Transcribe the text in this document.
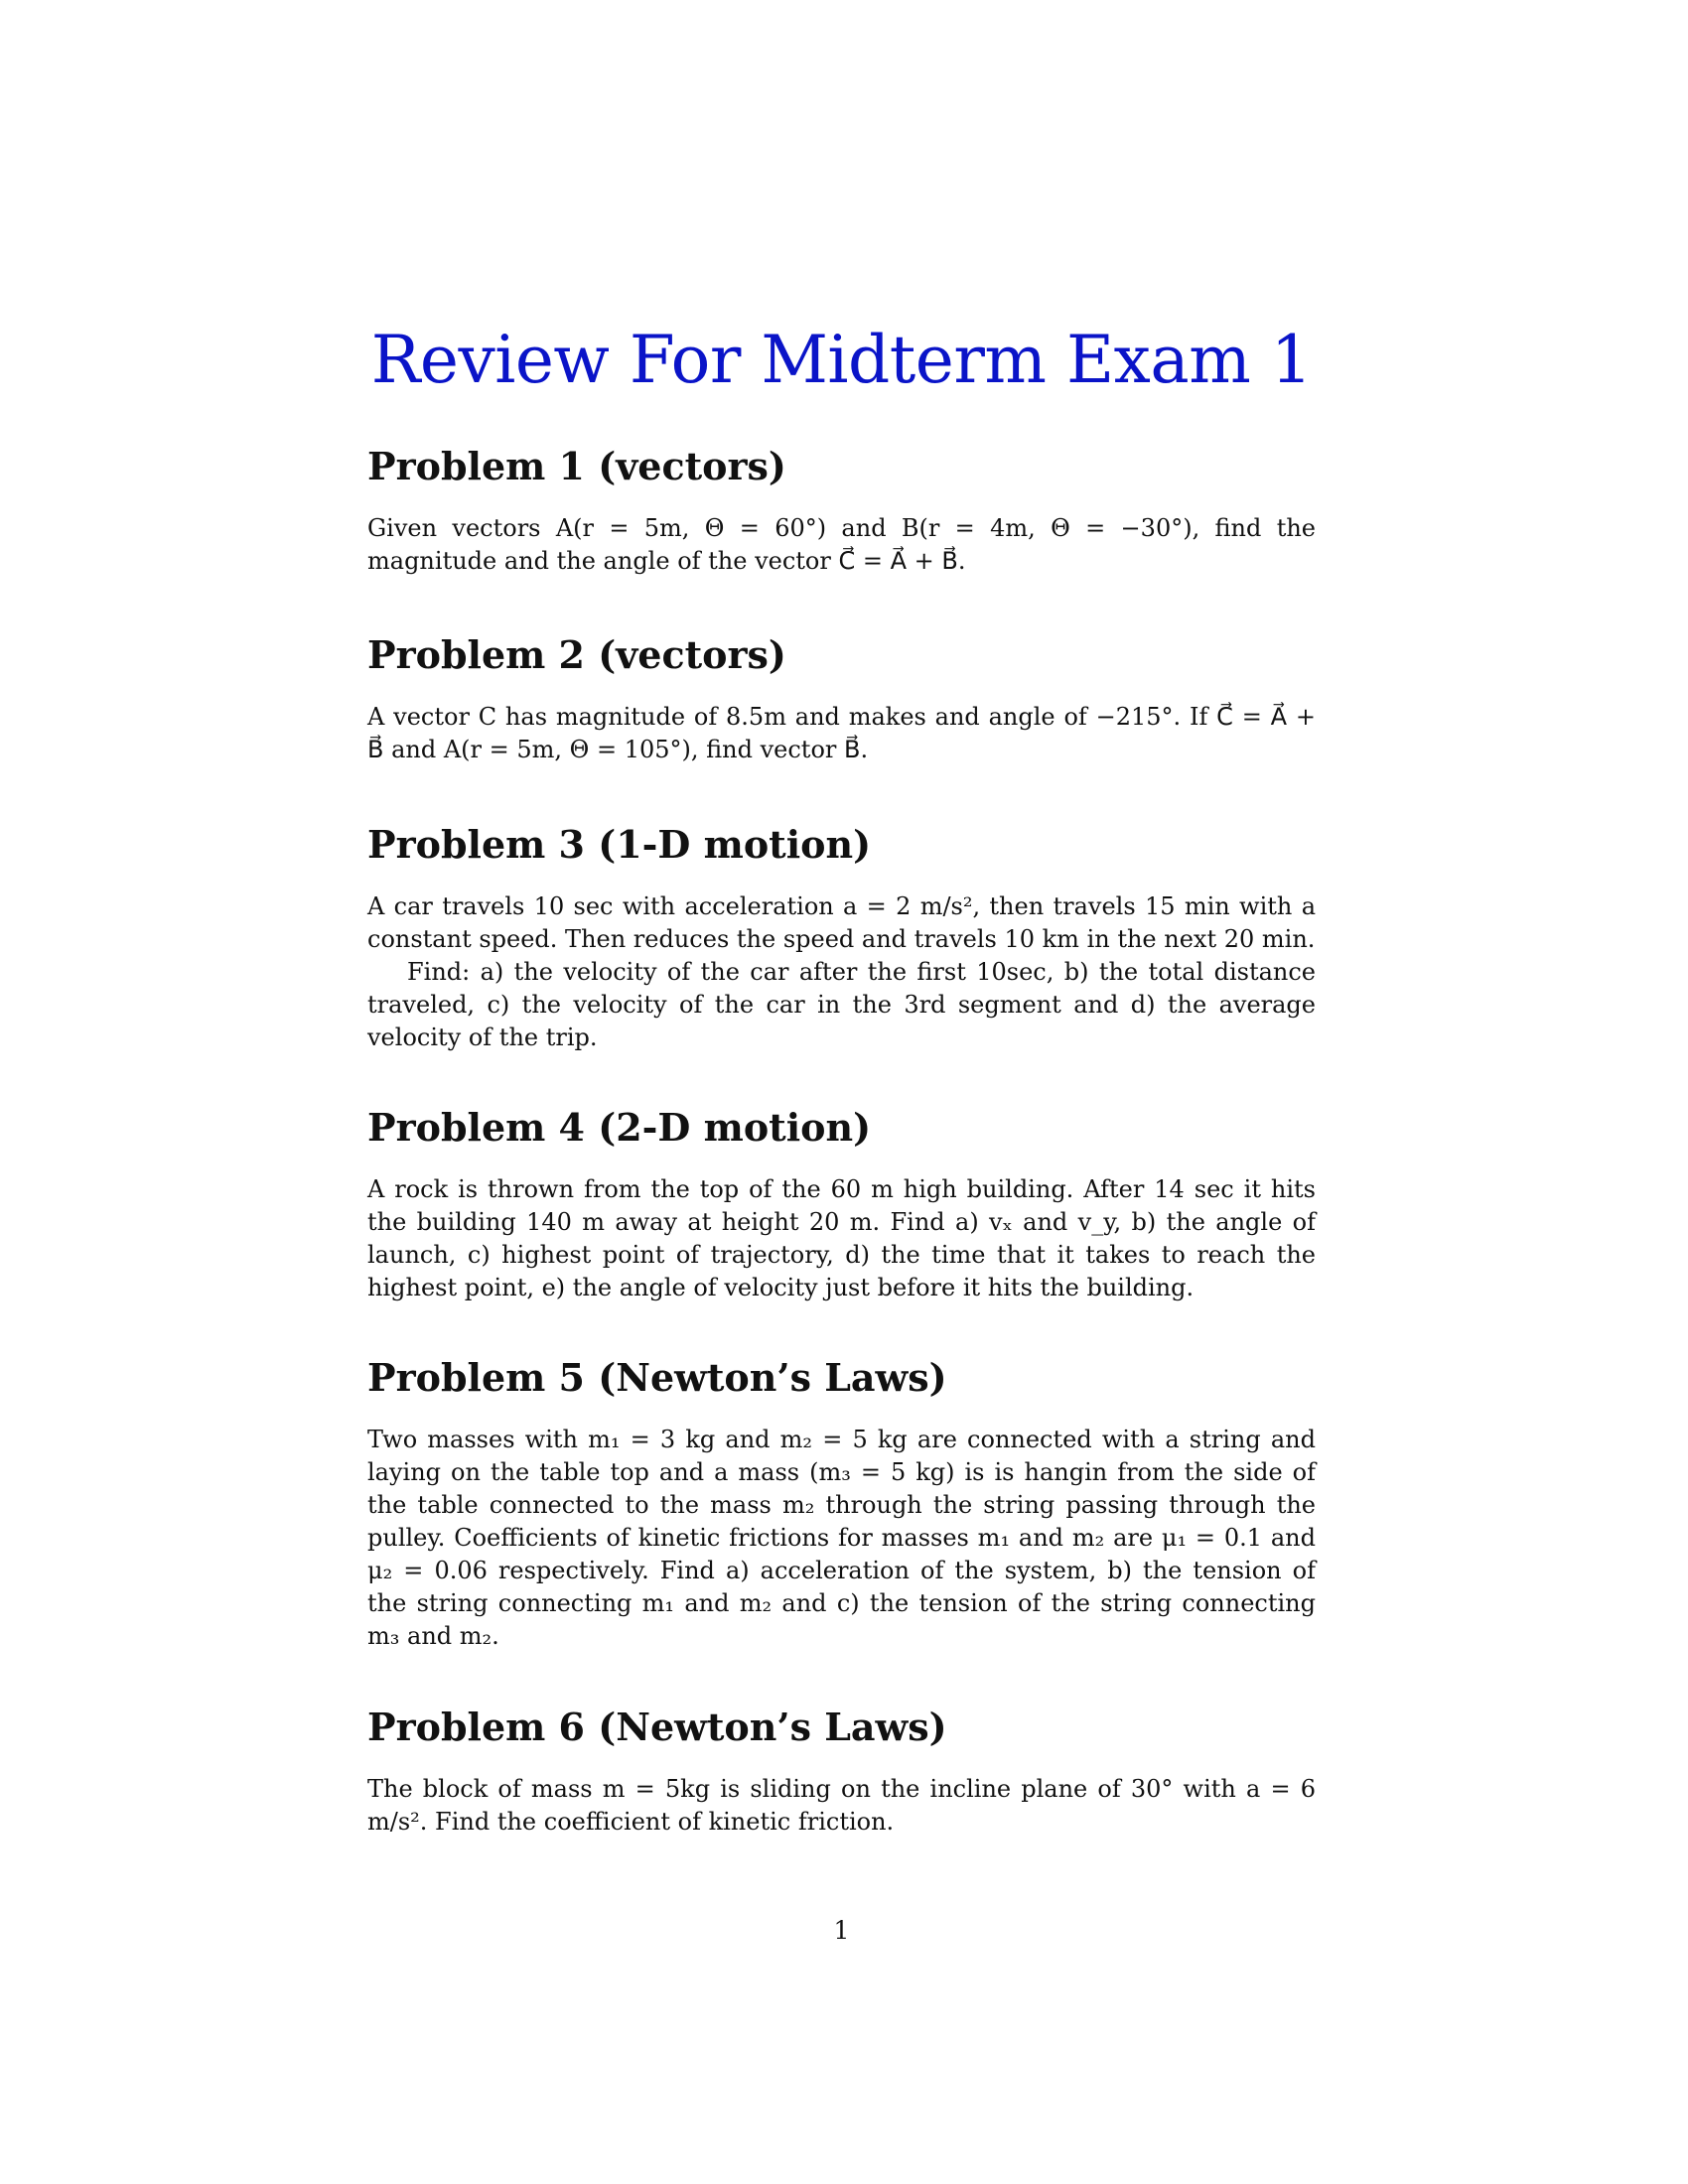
Review For Midterm Exam 1
Problem 1 (vectors)

Given vectors A(r = 5m, Θ = 60°) and B(r = 4m, Θ = −30°), find the magnitude and the angle of the vector C⃗ = A⃗ + B⃗.

Problem 2 (vectors)

A vector C has magnitude of 8.5m and makes and angle of −215°. If C⃗ = A⃗ + B⃗ and A(r = 5m, Θ = 105°), find vector B⃗.

Problem 3 (1-D motion)

A car travels 10 sec with acceleration a = 2 m/s², then travels 15 min with a constant speed. Then reduces the speed and travels 10 km in the next 20 min.

Find: a) the velocity of the car after the first 10sec, b) the total distance traveled, c) the velocity of the car in the 3rd segment and d) the average velocity of the trip.

Problem 4 (2-D motion)

A rock is thrown from the top of the 60 m high building. After 14 sec it hits the building 140 m away at height 20 m. Find a) vₓ and v_y, b) the angle of launch, c) highest point of trajectory, d) the time that it takes to reach the highest point, e) the angle of velocity just before it hits the building.

Problem 5 (Newton’s Laws)

Two masses with m₁ = 3 kg and m₂ = 5 kg are connected with a string and laying on the table top and a mass (m₃ = 5 kg) is is hangin from the side of the table connected to the mass m₂ through the string passing through the pulley. Coefficients of kinetic frictions for masses m₁ and m₂ are μ₁ = 0.1 and μ₂ = 0.06 respectively. Find a) acceleration of the system, b) the tension of the string connecting m₁ and m₂ and c) the tension of the string connecting m₃ and m₂.

Problem 6 (Newton’s Laws)

The block of mass m = 5kg is sliding on the incline plane of 30° with a = 6 m/s². Find the coefficient of kinetic friction.

1
